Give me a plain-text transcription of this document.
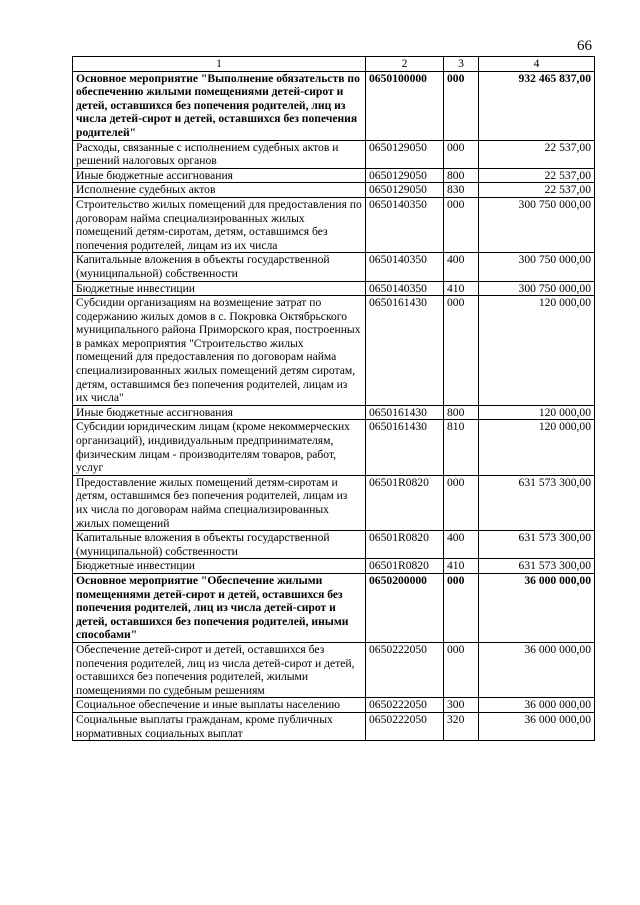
66
1	2	3	4
Основное мероприятие "Выполнение обязательств по обеспечению жилыми помещениями детей-сирот и детей, оставшихся без попечения родителей, лиц из числа детей-сирот и детей, оставшихся без попечения родителей"	0650100000	000	932 465 837,00
Расходы, связанные с исполнением судебных актов и решений налоговых органов	0650129050	000	22 537,00
Иные бюджетные ассигнования	0650129050	800	22 537,00
Исполнение судебных актов	0650129050	830	22 537,00
Строительство жилых помещений для предоставления по договорам найма специализированных жилых помещений детям-сиротам, детям, оставшимся без попечения родителей, лицам из их числа	0650140350	000	300 750 000,00
Капитальные вложения в объекты государственной (муниципальной) собственности	0650140350	400	300 750 000,00
Бюджетные инвестиции	0650140350	410	300 750 000,00
Субсидии организациям на возмещение затрат по содержанию жилых домов в с. Покровка Октябрьского муниципального района Приморского края, построенных в рамках мероприятия "Строительство жилых помещений для предоставления по договорам найма специализированных жилых помещений детям сиротам, детям, оставшимся без попечения родителей, лицам из их числа"	0650161430	000	120 000,00
Иные бюджетные ассигнования	0650161430	800	120 000,00
Субсидии юридическим лицам (кроме некоммерческих организаций), индивидуальным предпринимателям, физическим лицам - производителям товаров, работ, услуг	0650161430	810	120 000,00
Предоставление жилых помещений детям-сиротам и детям, оставшимся без попечения родителей, лицам из их числа по договорам найма специализированных жилых помещений	06501R0820	000	631 573 300,00
Капитальные вложения в объекты государственной (муниципальной) собственности	06501R0820	400	631 573 300,00
Бюджетные инвестиции	06501R0820	410	631 573 300,00
Основное мероприятие "Обеспечение жилыми помещениями детей-сирот и детей, оставшихся без попечения родителей, лиц из числа детей-сирот и детей, оставшихся без попечения родителей, иными способами"	0650200000	000	36 000 000,00
Обеспечение детей-сирот и детей, оставшихся без попечения родителей, лиц из числа детей-сирот и детей, оставшихся без попечения родителей, жилыми помещениями по судебным решениям	0650222050	000	36 000 000,00
Социальное обеспечение и иные выплаты населению	0650222050	300	36 000 000,00
Социальные выплаты гражданам, кроме публичных нормативных социальных выплат	0650222050	320	36 000 000,00
